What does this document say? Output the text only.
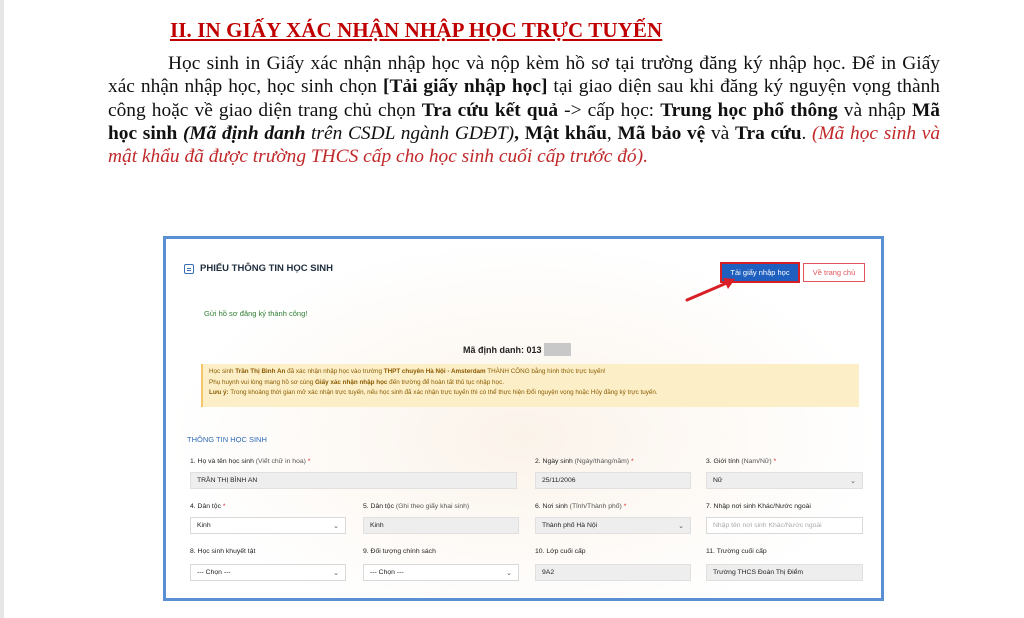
II. IN GIẤY XÁC NHẬN NHẬP HỌC TRỰC TUYẾN
Học sinh in Giấy xác nhận nhập học và nộp kèm hồ sơ tại trường đăng ký nhập học. Để in Giấy xác nhận nhập học, học sinh chọn [Tải giấy nhập học] tại giao diện sau khi đăng ký nguyện vọng thành công hoặc về giao diện trang chủ chọn Tra cứu kết quả -> cấp học: Trung học phổ thông và nhập Mã học sinh (Mã định danh trên CSDL ngành GDĐT), Mật khẩu, Mã bảo vệ và Tra cứu. (Mã học sinh và mật khẩu đã được trường THCS cấp cho học sinh cuối cấp trước đó).
PHIẾU THÔNG TIN HỌC SINH	Tải giấy nhập học	Về trang chủ
Gửi hồ sơ đăng ký thành công!
Mã định danh: 013
Học sinh Trần Thị Bình An đã xác nhận nhập học vào trường THPT chuyên Hà Nội - Amsterdam THÀNH CÔNG bằng hình thức trực tuyến!
Phụ huynh vui lòng mang hồ sơ cùng Giấy xác nhận nhập học đến trường để hoàn tất thủ tục nhập học.
Lưu ý: Trong khoảng thời gian mở xác nhận trực tuyến, nếu học sinh đã xác nhận trực tuyến thì có thể thực hiện Đổi nguyện vọng hoặc Hủy đăng ký trực tuyến.
THÔNG TIN HỌC SINH
1. Họ và tên học sinh (Viết chữ in hoa) *
TRẦN THỊ BÌNH AN
2. Ngày sinh (Ngày/tháng/năm) *
25/11/2006
3. Giới tính (Nam/Nữ) *
Nữ	⌄
4. Dân tộc *
Kinh	⌄
5. Dân tộc (Ghi theo giấy khai sinh)
Kinh
6. Nơi sinh (Tỉnh/Thành phố) *
Thành phố Hà Nội	⌄
7. Nhập nơi sinh Khác/Nước ngoài
Nhập tên nơi sinh Khác/Nước ngoài
8. Học sinh khuyết tật
--- Chọn ---	⌄
9. Đối tượng chính sách
--- Chọn ---	⌄
10. Lớp cuối cấp
9A2
11. Trường cuối cấp
Trường THCS Đoàn Thị Điểm
